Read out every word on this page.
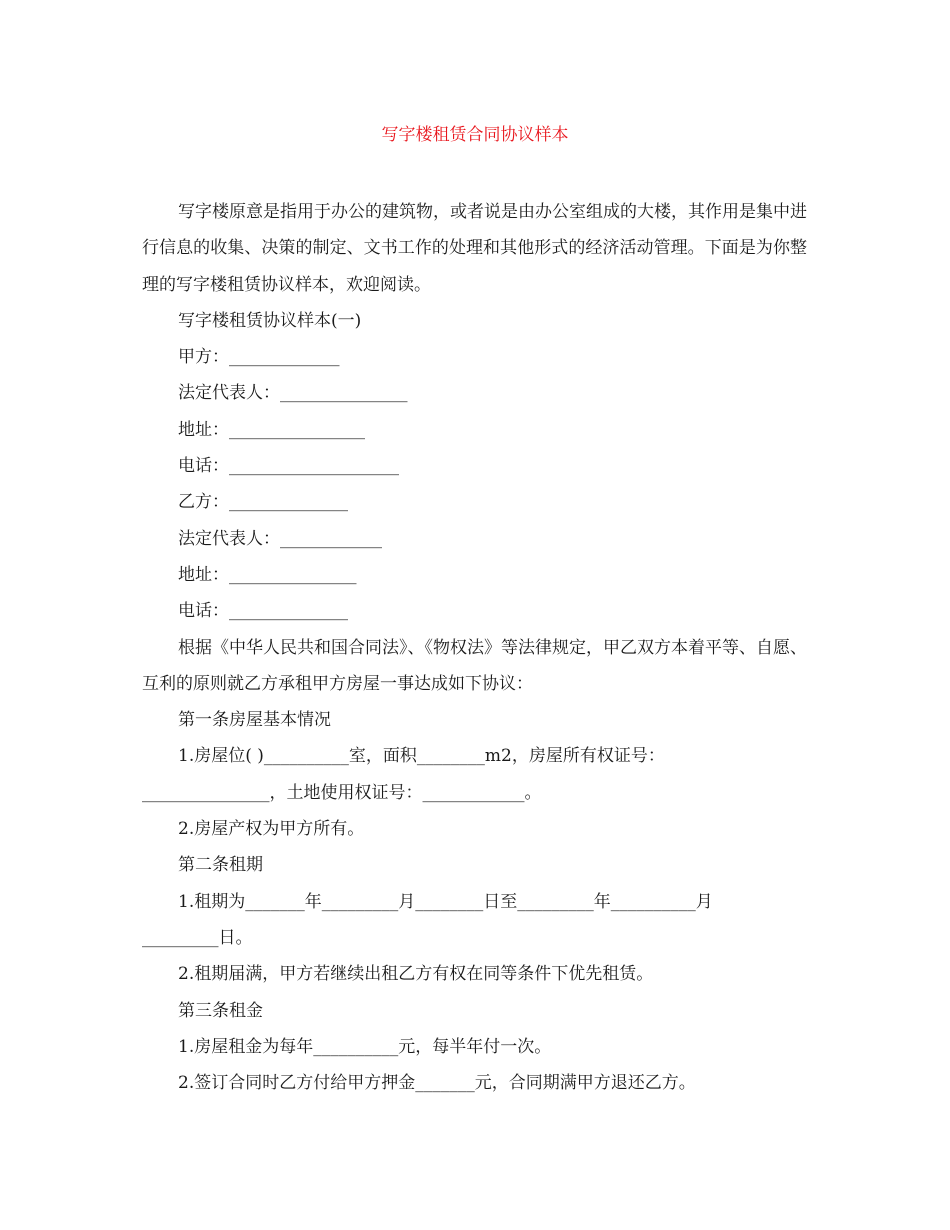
写字楼租赁合同协议样本

写字楼原意是指用于办公的建筑物，或者说是由办公室组成的大楼，其作用是集中进行信息的收集、决策的制定、文书工作的处理和其他形式的经济活动管理。下面是为你整理的写字楼租赁协议样本，欢迎阅读。

写字楼租赁协议样本(一)

甲方：_____________

法定代表人：_______________

地址：________________

电话：____________________

乙方：______________

法定代表人：____________

地址：_______________

电话：______________

根据《中华人民共和国合同法》、《物权法》等法律规定，甲乙双方本着平等、自愿、互利的原则就乙方承租甲方房屋一事达成如下协议：

第一条房屋基本情况

1.房屋位( )__________室，面积________m2，房屋所有权证号：

_______________，土地使用权证号：____________。

2.房屋产权为甲方所有。

第二条租期

1.租期为_______年_________月________日至_________年__________月

_________日。

2.租期届满，甲方若继续出租乙方有权在同等条件下优先租赁。

第三条租金

1.房屋租金为每年__________元，每半年付一次。

2.签订合同时乙方付给甲方押金_______元，合同期满甲方退还乙方。
